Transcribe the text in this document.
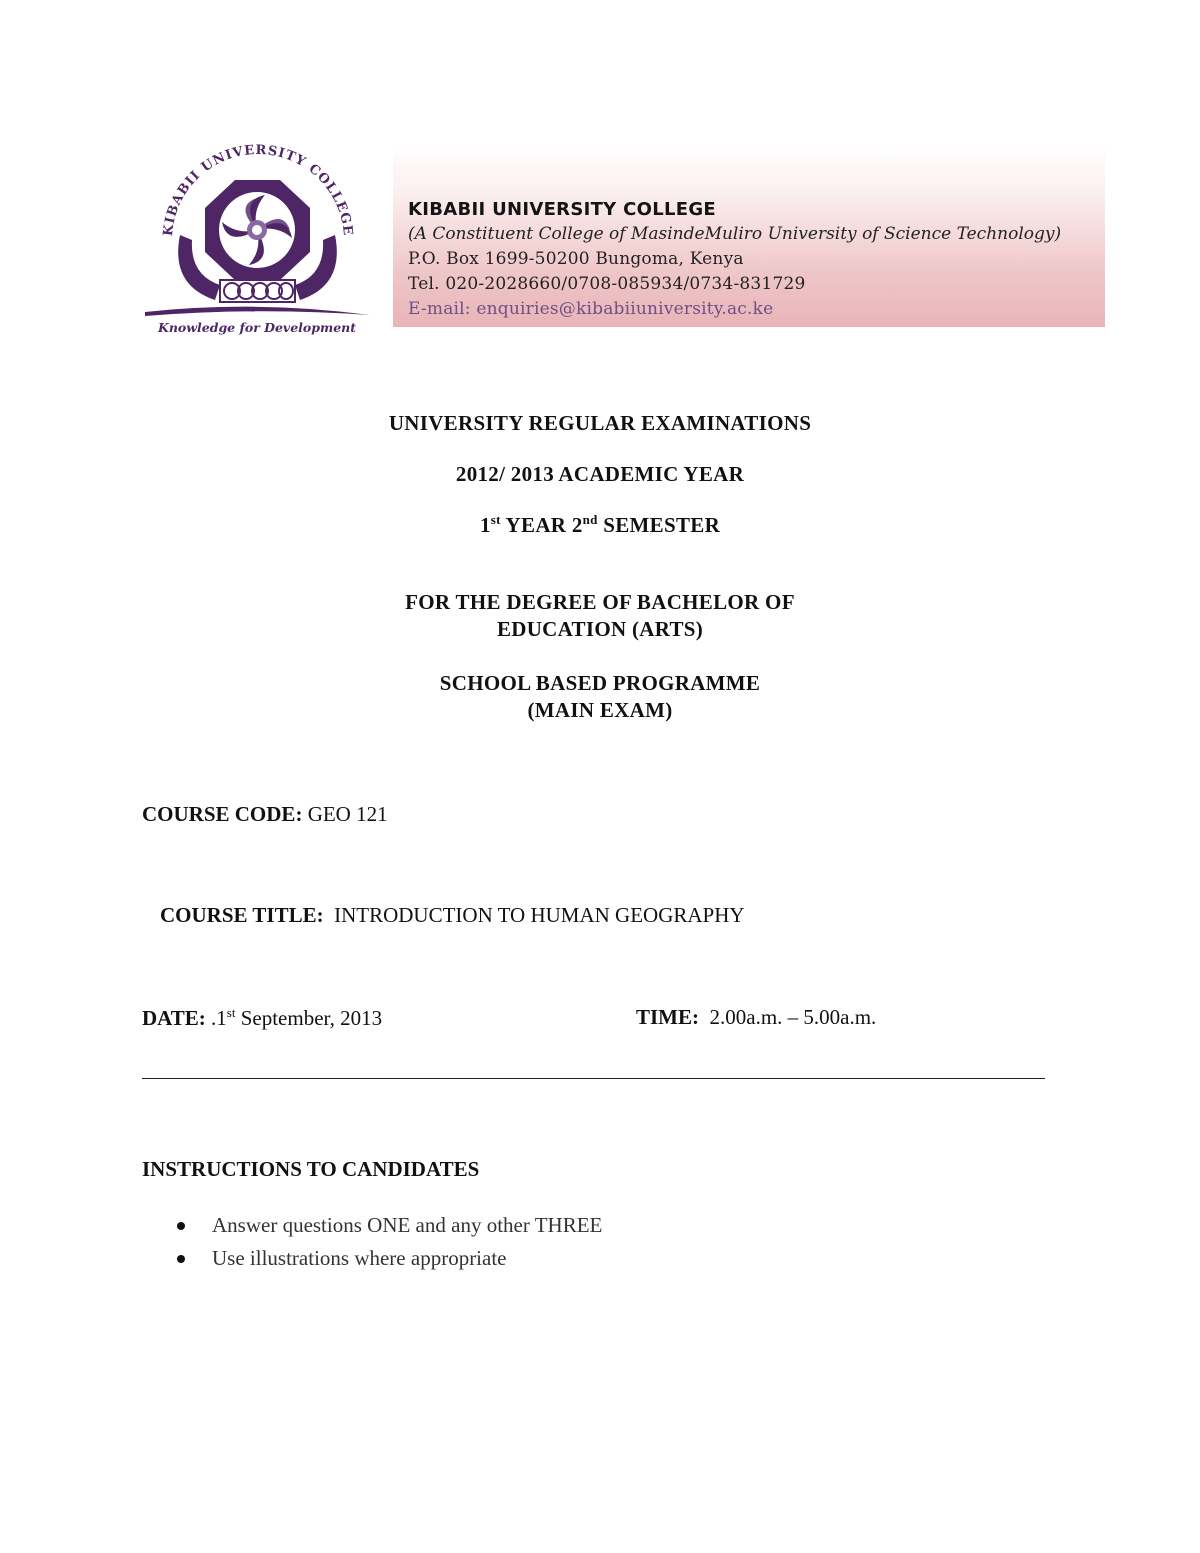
KIBABII UNIVERSITY COLLEGE
Knowledge for Development
KIBABII UNIVERSITY COLLEGE
(A Constituent College of MasindeMuliro University of Science Technology)
P.O. Box 1699-50200 Bungoma, Kenya
Tel. 020-2028660/0708-085934/0734-831729
E-mail: enquiries@kibabiiuniversity.ac.ke
UNIVERSITY REGULAR EXAMINATIONS
2012/ 2013 ACADEMIC YEAR
1st YEAR 2nd SEMESTER
FOR THE DEGREE OF BACHELOR OF
EDUCATION (ARTS)
SCHOOL BASED PROGRAMME
(MAIN EXAM)
COURSE CODE: GEO 121
COURSE TITLE: INTRODUCTION TO HUMAN GEOGRAPHY
DATE: .1st September, 2013	TIME: 2.00a.m. – 5.00a.m.
INSTRUCTIONS TO CANDIDATES
Answer questions ONE and any other THREE
Use illustrations where appropriate
